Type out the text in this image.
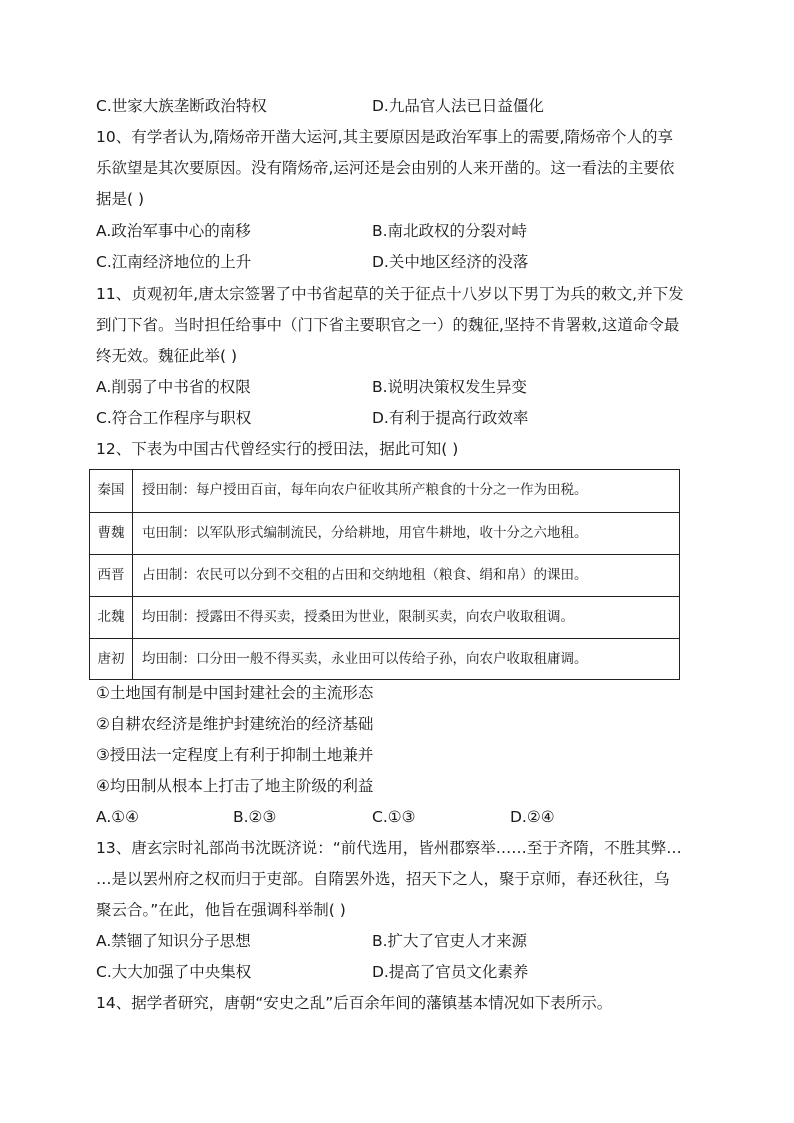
C.世家大族垄断政治特权	D.九品官人法已日益僵化
10、有学者认为,隋炀帝开凿大运河,其主要原因是政治军事上的需要,隋炀帝个人的享
乐欲望是其次要原因。没有隋炀帝,运河还是会由别的人来开凿的。这一看法的主要依
据是( )
A.政治军事中心的南移	B.南北政权的分裂对峙
C.江南经济地位的上升	D.关中地区经济的没落
11、贞观初年,唐太宗签署了中书省起草的关于征点十八岁以下男丁为兵的敕文,并下发
到门下省。当时担任给事中（门下省主要职官之一）的魏征,坚持不肯署敕,这道命令最
终无效。魏征此举( )
A.削弱了中书省的权限	B.说明决策权发生异变
C.符合工作程序与职权	D.有利于提高行政效率
12、下表为中国古代曾经实行的授田法，据此可知( )
秦国	授田制：每户授田百亩，每年向农户征收其所产粮食的十分之一作为田税。
曹魏	屯田制：以军队形式编制流民，分给耕地，用官牛耕地，收十分之六地租。
西晋	占田制：农民可以分到不交租的占田和交纳地租（粮食、绢和帛）的课田。
北魏	均田制：授露田不得买卖，授桑田为世业，限制买卖，向农户收取租调。
唐初	均田制：口分田一般不得买卖，永业田可以传给子孙，向农户收取租庸调。
①土地国有制是中国封建社会的主流形态
②自耕农经济是维护封建统治的经济基础
③授田法一定程度上有利于抑制土地兼并
④均田制从根本上打击了地主阶级的利益
A.①④	B.②③	C.①③	D.②④
13、唐玄宗时礼部尚书沈既济说：“前代选用，皆州郡察举……至于齐隋，不胜其弊…
…是以罢州府之权而归于吏部。自隋罢外选，招天下之人，聚于京师，春还秋往，乌
聚云合。”在此，他旨在强调科举制( )
A.禁锢了知识分子思想	B.扩大了官吏人才来源
C.大大加强了中央集权	D.提高了官员文化素养
14、据学者研究，唐朝“安史之乱”后百余年间的藩镇基本情况如下表所示。
